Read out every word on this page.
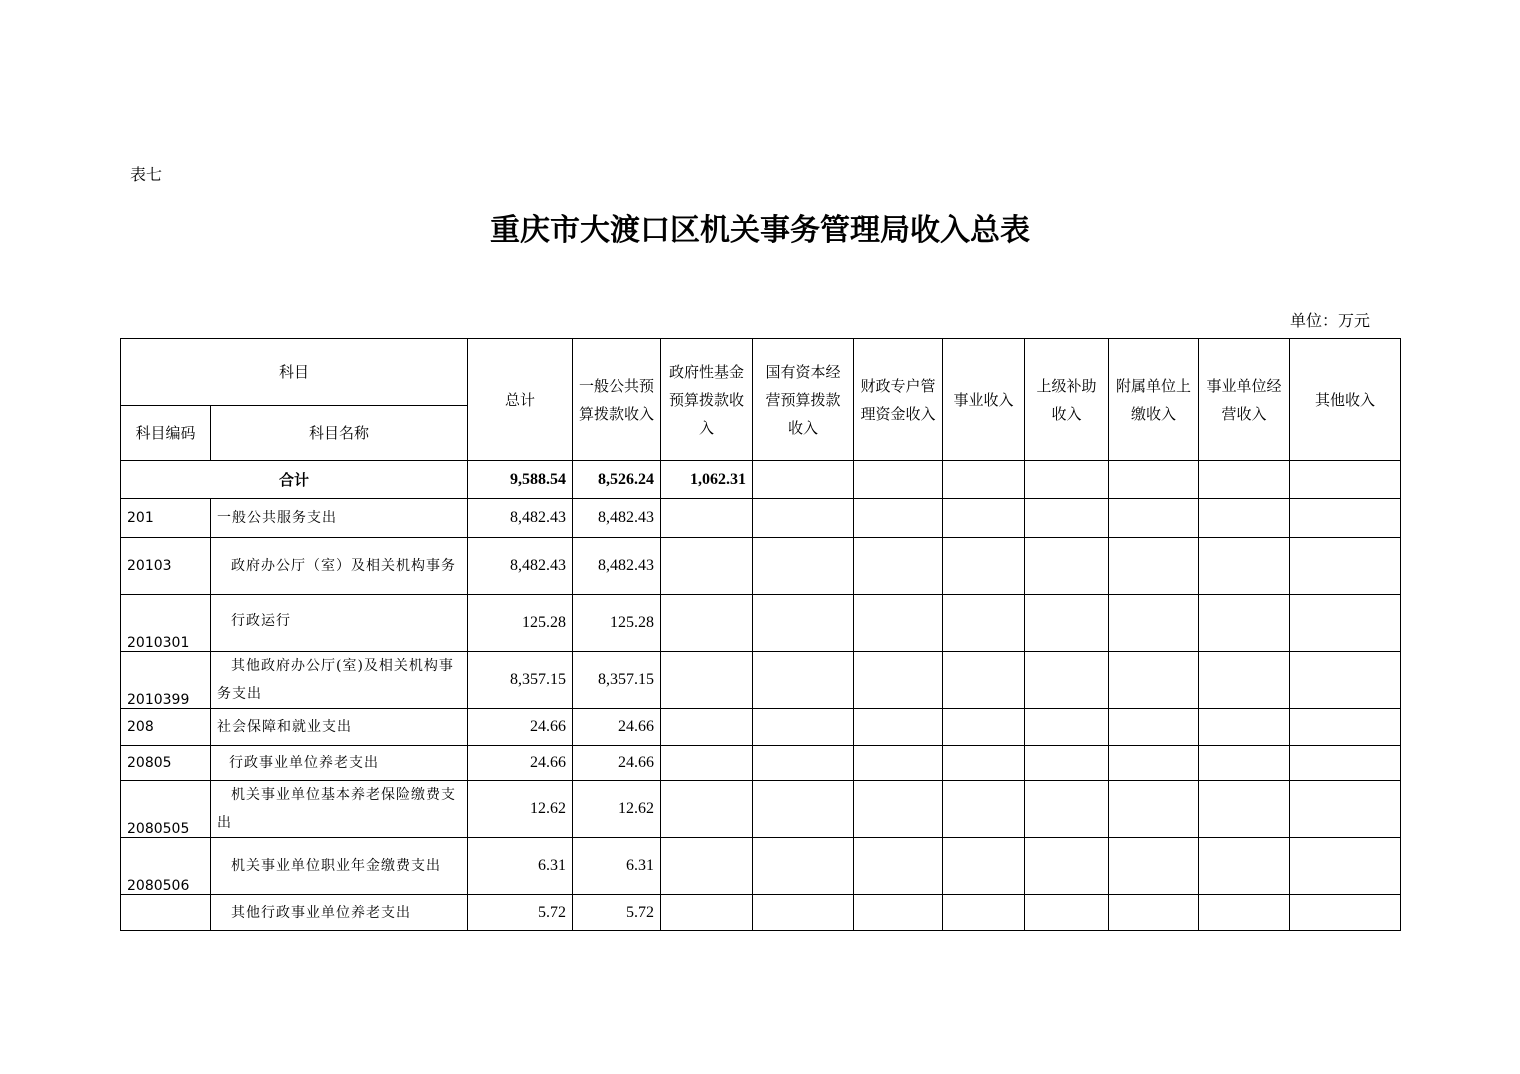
表七
重庆市大渡口区机关事务管理局收入总表
单位：万元
科目		总计	一般公共预算拨款收入	政府性基金预算拨款收入	国有资本经营预算拨款收入	财政专户管理资金收入	事业收入	上级补助收入	附属单位上缴收入	事业单位经营收入	其他收入
科目编码	科目名称										
合计		9,588.54	8,526.24	1,062.31							
201	一般公共服务支出	8,482.43	8,482.43								
20103	政府办公厅（室）及相关机构事务	8,482.43	8,482.43								
2010301	行政运行	125.28	125.28								
2010399	其他政府办公厅(室)及相关机构事务支出	8,357.15	8,357.15								
208	社会保障和就业支出	24.66	24.66								
20805	行政事业单位养老支出	24.66	24.66								
2080505	机关事业单位基本养老保险缴费支出	12.62	12.62								
2080506	机关事业单位职业年金缴费支出	6.31	6.31								
	其他行政事业单位养老支出	5.72	5.72								
